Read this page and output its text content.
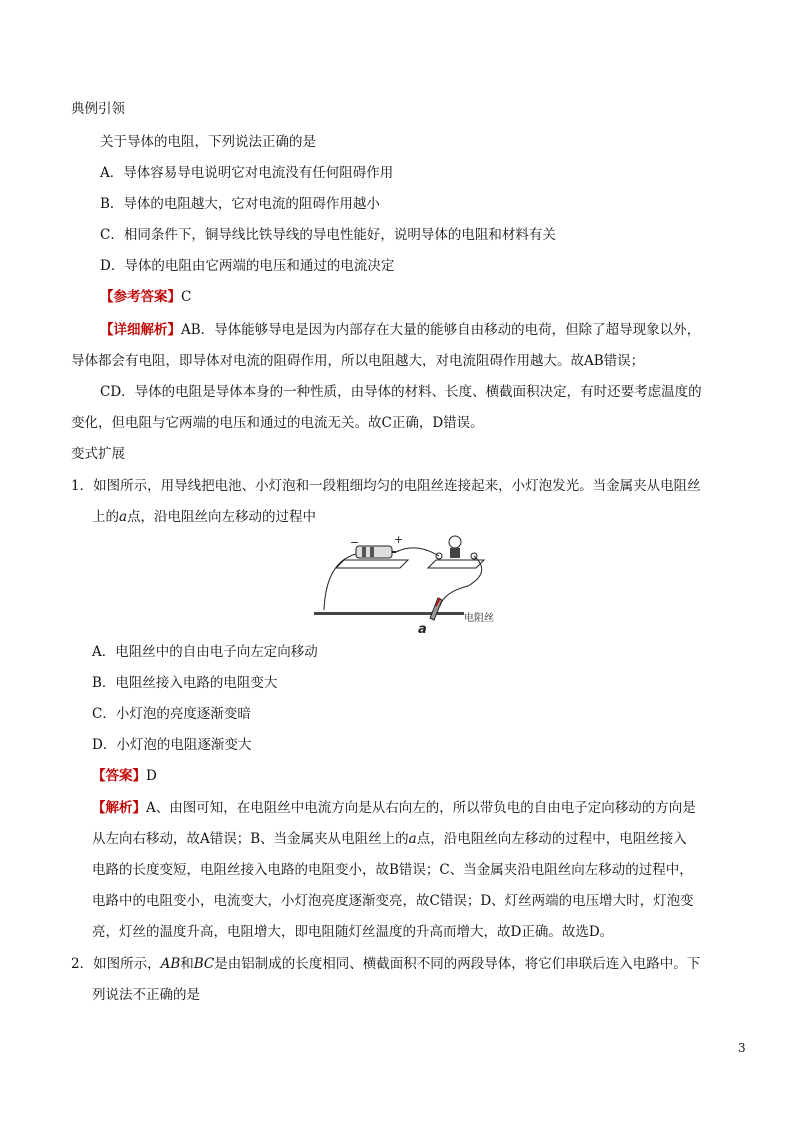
典例引领
关于导体的电阻，下列说法正确的是
A．导体容易导电说明它对电流没有任何阻碍作用
B．导体的电阻越大，它对电流的阻碍作用越小
C．相同条件下，铜导线比铁导线的导电性能好，说明导体的电阻和材料有关
D．导体的电阻由它两端的电压和通过的电流决定
【参考答案】C
【详细解析】AB．导体能够导电是因为内部存在大量的能够自由移动的电荷，但除了超导现象以外，
导体都会有电阻，即导体对电流的阻碍作用，所以电阻越大，对电流阻碍作用越大。故AB错误；
CD．导体的电阻是导体本身的一种性质，由导体的材料、长度、横截面积决定，有时还要考虑温度的
变化，但电阻与它两端的电压和通过的电流无关。故C正确，D错误。
变式扩展
1．如图所示，用导线把电池、小灯泡和一段粗细均匀的电阻丝连接起来，小灯泡发光。当金属夹从电阻丝
上的a点，沿电阻丝向左移动的过程中
−	+
a
电阻丝
A．电阻丝中的自由电子向左定向移动
B．电阻丝接入电路的电阻变大
C．小灯泡的亮度逐渐变暗
D．小灯泡的电阻逐渐变大
【答案】D
【解析】A、由图可知，在电阻丝中电流方向是从右向左的，所以带负电的自由电子定向移动的方向是
从左向右移动，故A错误；B、当金属夹从电阻丝上的a点，沿电阻丝向左移动的过程中，电阻丝接入
电路的长度变短，电阻丝接入电路的电阻变小，故B错误；C、当金属夹沿电阻丝向左移动的过程中，
电路中的电阻变小，电流变大，小灯泡亮度逐渐变亮，故C错误；D、灯丝两端的电压增大时，灯泡变
亮，灯丝的温度升高，电阻增大，即电阻随灯丝温度的升高而增大，故D正确。故选D。
2．如图所示，AB和BC是由铝制成的长度相同、横截面积不同的两段导体，将它们串联后连入电路中。下
列说法不正确的是
3
